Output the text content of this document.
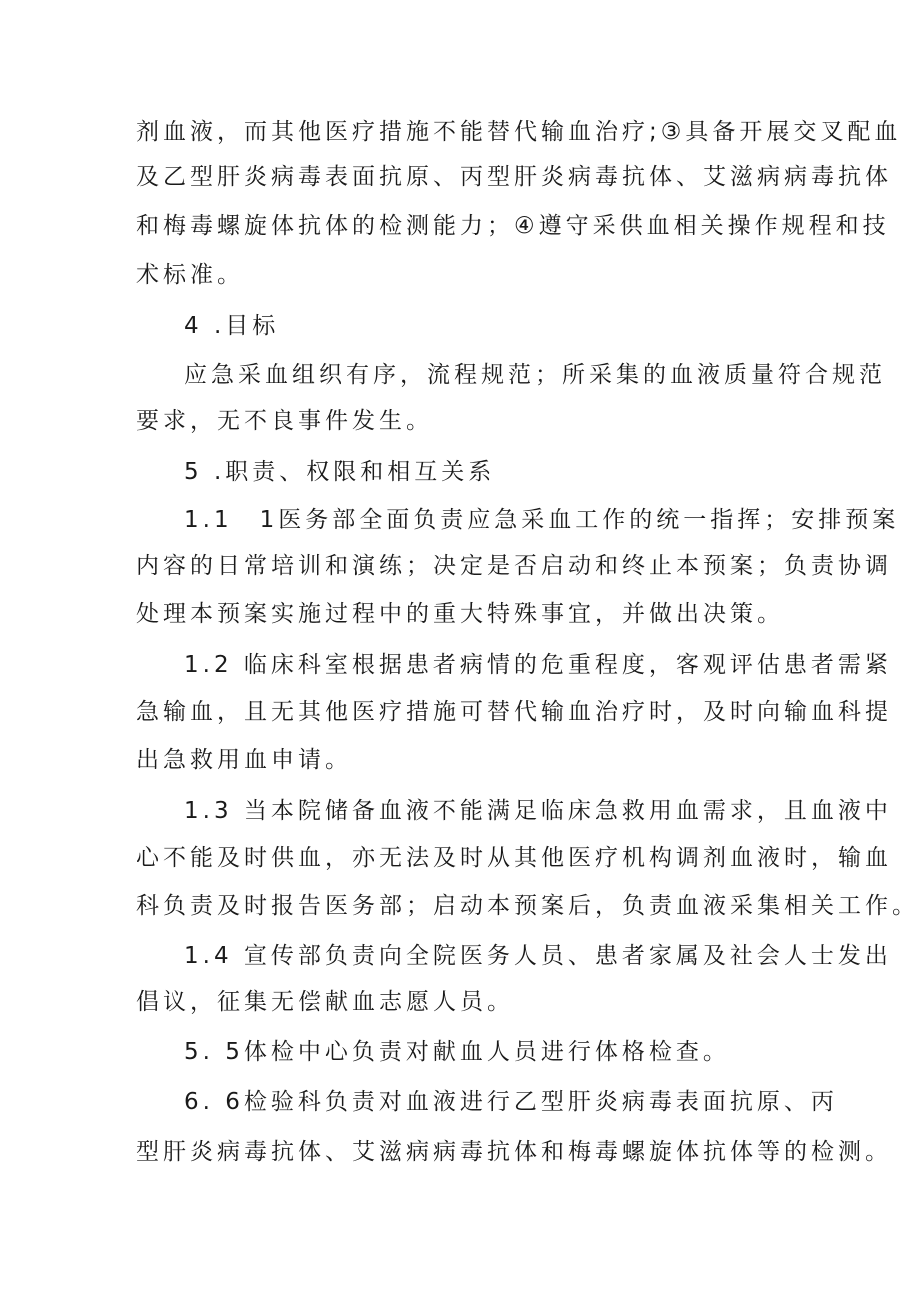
剂血液，而其他医疗措施不能替代输血治疗;③具备开展交叉配血
及乙型肝炎病毒表面抗原、丙型肝炎病毒抗体、艾滋病病毒抗体
和梅毒螺旋体抗体的检测能力；④遵守采供血相关操作规程和技
术标准。
4 .目标
应急采血组织有序，流程规范；所采集的血液质量符合规范
要求，无不良事件发生。
5 .职责、权限和相互关系
1.1　1医务部全面负责应急采血工作的统一指挥；安排预案
内容的日常培训和演练；决定是否启动和终止本预案；负责协调
处理本预案实施过程中的重大特殊事宜，并做出决策。
1.2 临床科室根据患者病情的危重程度，客观评估患者需紧
急输血，且无其他医疗措施可替代输血治疗时，及时向输血科提
出急救用血申请。
1.3 当本院储备血液不能满足临床急救用血需求，且血液中
心不能及时供血，亦无法及时从其他医疗机构调剂血液时，输血
科负责及时报告医务部；启动本预案后，负责血液采集相关工作。
1.4 宣传部负责向全院医务人员、患者家属及社会人士发出
倡议，征集无偿献血志愿人员。
5. 5体检中心负责对献血人员进行体格检查。
6. 6检验科负责对血液进行乙型肝炎病毒表面抗原、丙
型肝炎病毒抗体、艾滋病病毒抗体和梅毒螺旋体抗体等的检测。
